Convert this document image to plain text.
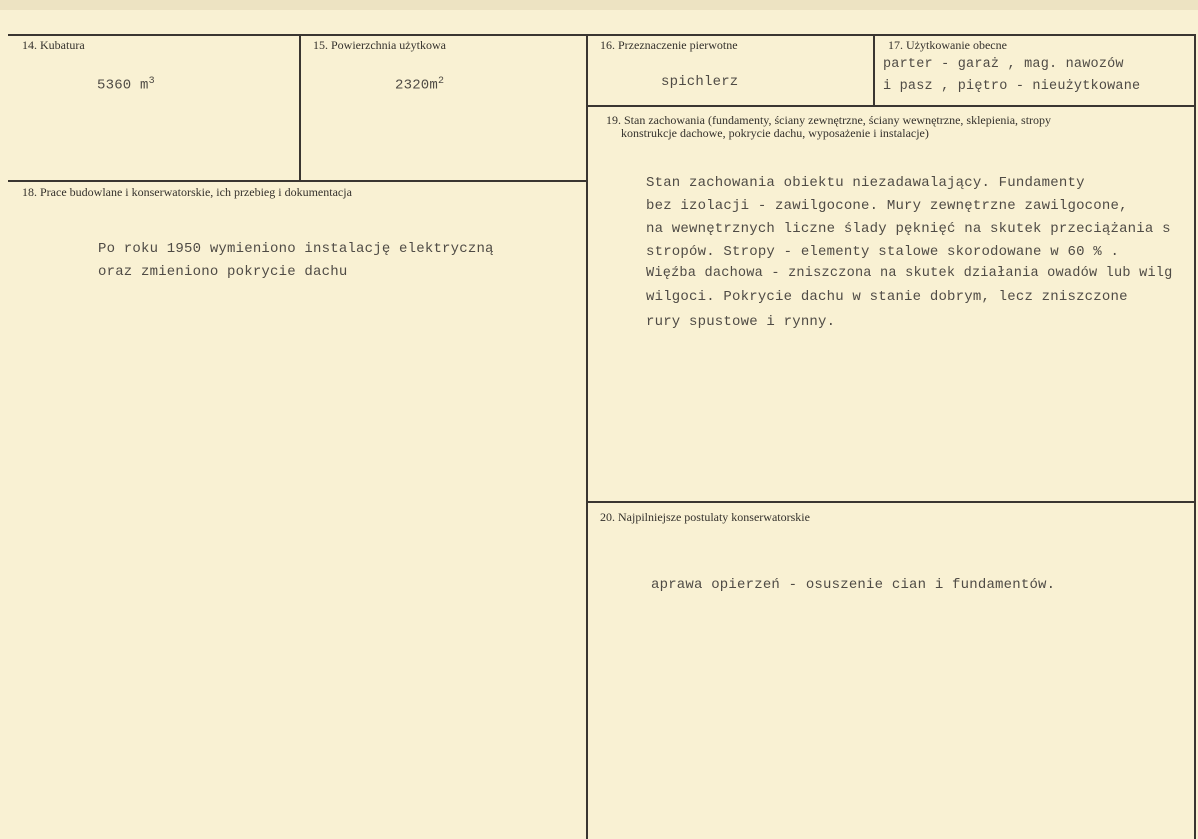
14. Kubatura
5360 $m^3$
15. Powierzchnia użytkowa
$2320m^2$
16. Przeznaczenie pierwotne
spichlerz
17. Użytkowanie obecne
parter - garaż , mag. nawozów
i pasz , piętro - nieużytkowane
18. Prace budowlane i konserwatorskie, ich przebieg i dokumentacja
Po roku 1950 wymieniono instalację elektryczną
oraz zmieniono pokrycie dachu
19. Stan zachowania (fundamenty, ściany zewnętrzne, ściany wewnętrzne, sklepienia, stropy
konstrukcje dachowe, pokrycie dachu, wyposażenie i instalacje)
Stan zachowania obiektu niezadawalający. Fundamenty
bez izolacji - zawilgocone. Mury zewnętrzne zawilgocone,
na wewnętrznych liczne ślady pęknięć na skutek przeciążania s
stropów. Stropy - elementy stalowe skorodowane w 60 % .
Więźba dachowa - zniszczona na skutek działania owadów lub wilg
wilgoci. Pokrycie dachu w stanie dobrym, lecz zniszczone
rury spustowe i rynny.
20. Najpilniejsze postulaty konserwatorskie
aprawa opierzeń - osuszenie cian i fundamentów.
